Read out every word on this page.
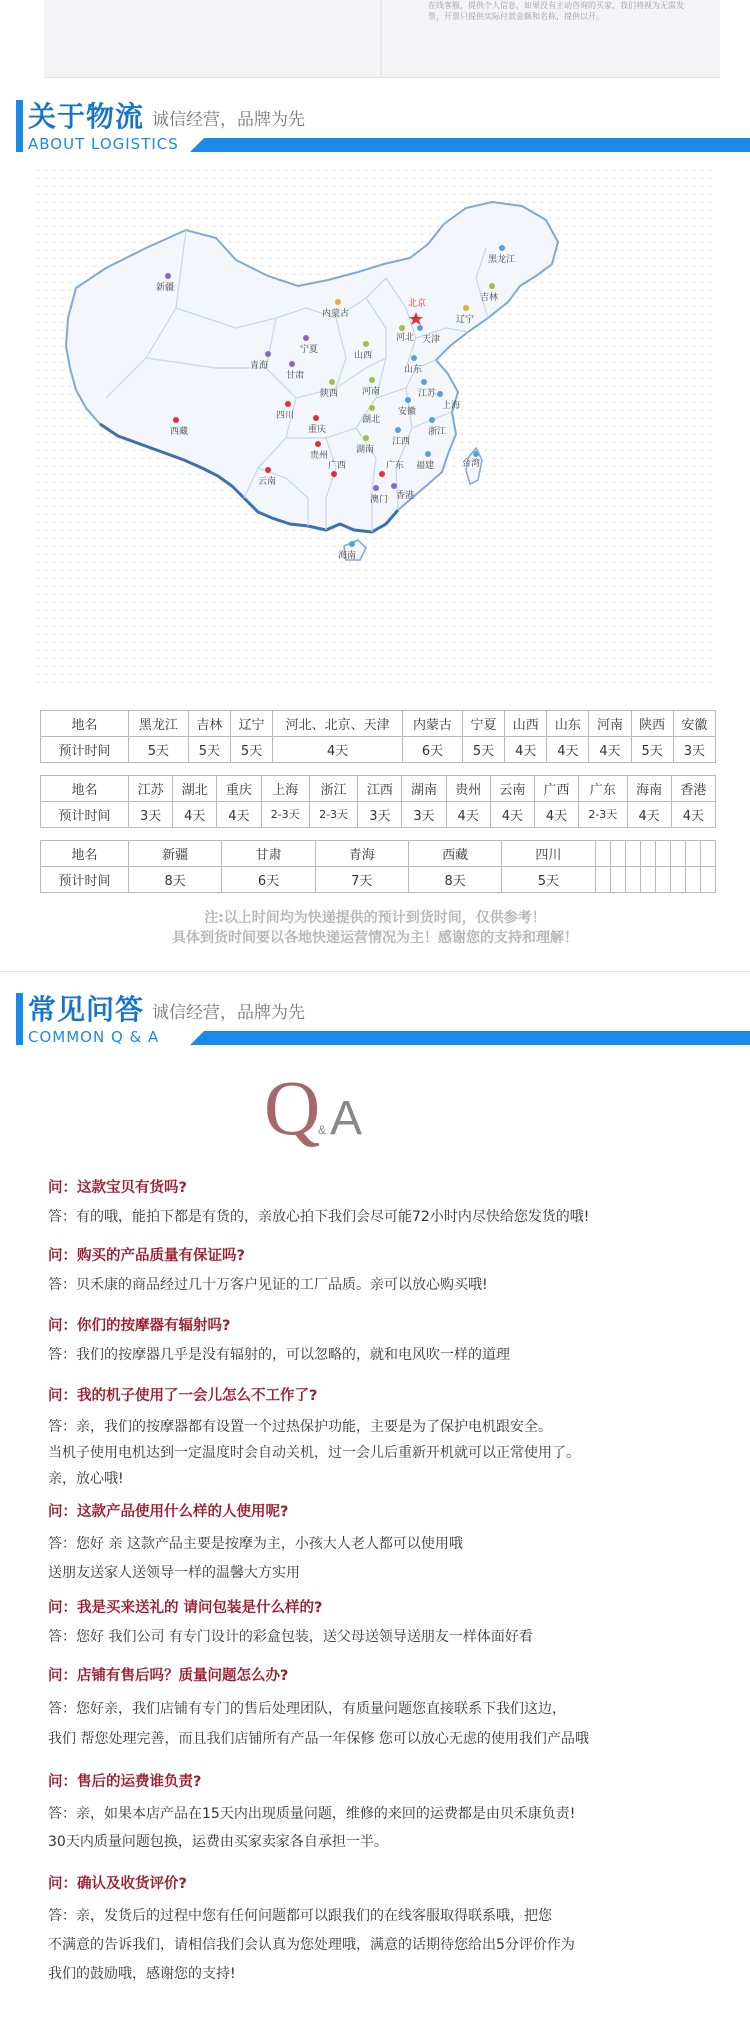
在线客服，提供个人信息，如果没有主动咨询的买家，我们将视为无需发票，开票只提供实际付款金额和名称，提供以开。
关于物流 诚信经营，品牌为先
ABOUT LOGISTICS
黑龙江
吉林
辽宁
新疆
内蒙古
北京
天津
河北
宁夏
山西
山东
青海
甘肃
陕西	河南	江苏
上海
安徽
湖北
四川
西藏	重庆	浙江
贵州
湖南
江西
台湾
福建
云南
广西	广东
香港
澳门
海南
地名	黑龙江	吉林	辽宁	河北、北京、天津	内蒙古	宁夏	山西	山东	河南	陕西	安徽
预计时间	5天	5天	5天	4天	6天	5天	4天	4天	4天	5天	3天
地名	江苏	湖北	重庆	上海	浙江	江西	湖南	贵州	云南	广西	广东	海南	香港
预计时间	3天	4天	4天	2-3天	2-3天	3天	3天	4天	4天	4天	2-3天	4天	4天
地名	新疆	甘肃	青海	西藏	四川								
预计时间	8天	6天	7天	8天	5天								
注:以上时间均为快递提供的预计到货时间，仅供参考！
具体到货时间要以各地快递运营情况为主！感谢您的支持和理解！
常见问答 诚信经营，品牌为先
COMMON Q & A
Q
& A
问：这款宝贝有货吗?
答：有的哦，能拍下都是有货的，亲放心拍下我们会尽可能72小时内尽快给您发货的哦!
问：购买的产品质量有保证吗?
答：贝禾康的商品经过几十万客户见证的工厂品质。亲可以放心购买哦!
问：你们的按摩器有辐射吗?
答：我们的按摩器几乎是没有辐射的，可以忽略的，就和电风吹一样的道理
问：我的机子使用了一会儿怎么不工作了?
答：亲，我们的按摩器都有设置一个过热保护功能，主要是为了保护电机跟安全。
当机子使用电机达到一定温度时会自动关机，过一会儿后重新开机就可以正常使用了。
亲，放心哦!
问：这款产品使用什么样的人使用呢?
答：您好 亲 这款产品主要是按摩为主，小孩大人老人都可以使用哦
送朋友送家人送领导一样的温馨大方实用
问：我是买来送礼的 请问包装是什么样的?
答：您好 我们公司 有专门设计的彩盒包装，送父母送领导送朋友一样体面好看
问：店铺有售后吗？质量问题怎么办?
答：您好亲，我们店铺有专门的售后处理团队，有质量问题您直接联系下我们这边，
我们 帮您处理完善，而且我们店铺所有产品一年保修 您可以放心无虑的使用我们产品哦
问：售后的运费谁负责?
答：亲，如果本店产品在15天内出现质量问题，维修的来回的运费都是由贝禾康负责!
30天内质量问题包换，运费由买家卖家各自承担一半。
问：确认及收货评价?
答：亲，发货后的过程中您有任何问题都可以跟我们的在线客服取得联系哦，把您
不满意的告诉我们，请相信我们会认真为您处理哦，满意的话期待您给出5分评价作为
我们的鼓励哦，感谢您的支持!
